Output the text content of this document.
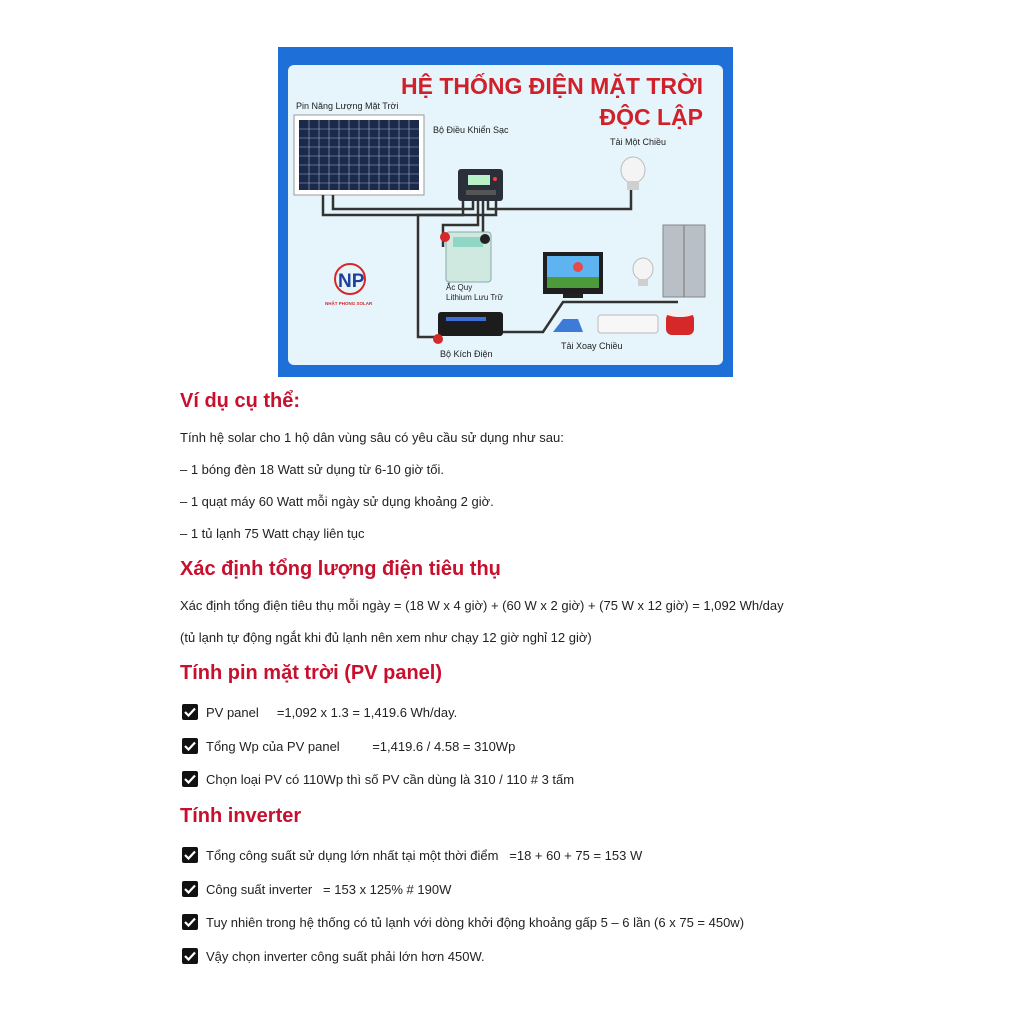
HỆ THỐNG ĐIỆN MẶT TRỜI
ĐỘC LẬP
Pin Năng Lượng Mặt Trời
Bộ Điều Khiển Sạc
Tải Một Chiều
Ắc Quy
Lithium Lưu Trữ
Bộ Kích Điện
NP
NHẬT PHONG SOLAR
Tải Xoay Chiều
Ví dụ cụ thể:

Tính hệ solar cho 1 hộ dân vùng sâu có yêu cầu sử dụng như sau:

– 1 bóng đèn 18 Watt sử dụng từ 6-10 giờ tối.

– 1 quạt máy 60 Watt mỗi ngày sử dụng khoảng 2 giờ.

– 1 tủ lạnh 75 Watt chạy liên tục

Xác định tổng lượng điện tiêu thụ

Xác định tổng điện tiêu thụ mỗi ngày = (18 W x 4 giờ) + (60 W x 2 giờ) + (75 W x 12 giờ) = 1,092 Wh/day

(tủ lạnh tự động ngắt khi đủ lạnh nên xem như chạy 12 giờ nghỉ 12 giờ)

Tính pin mặt trời (PV panel)
PV panel     =1,092 x 1.3 = 1,419.6 Wh/day.
Tổng Wp của PV panel         =1,419.6 / 4.58 = 310Wp
Chọn loại PV có 110Wp thì số PV cần dùng là 310 / 110 # 3 tấm
Tính inverter
Tổng công suất sử dụng lớn nhất tại một thời điểm   =18 + 60 + 75 = 153 W
Công suất inverter   = 153 x 125% # 190W
Tuy nhiên trong hệ thống có tủ lạnh với dòng khởi động khoảng gấp 5 – 6 lần (6 x 75 = 450w)
Vậy chọn inverter công suất phải lớn hơn 450W.
